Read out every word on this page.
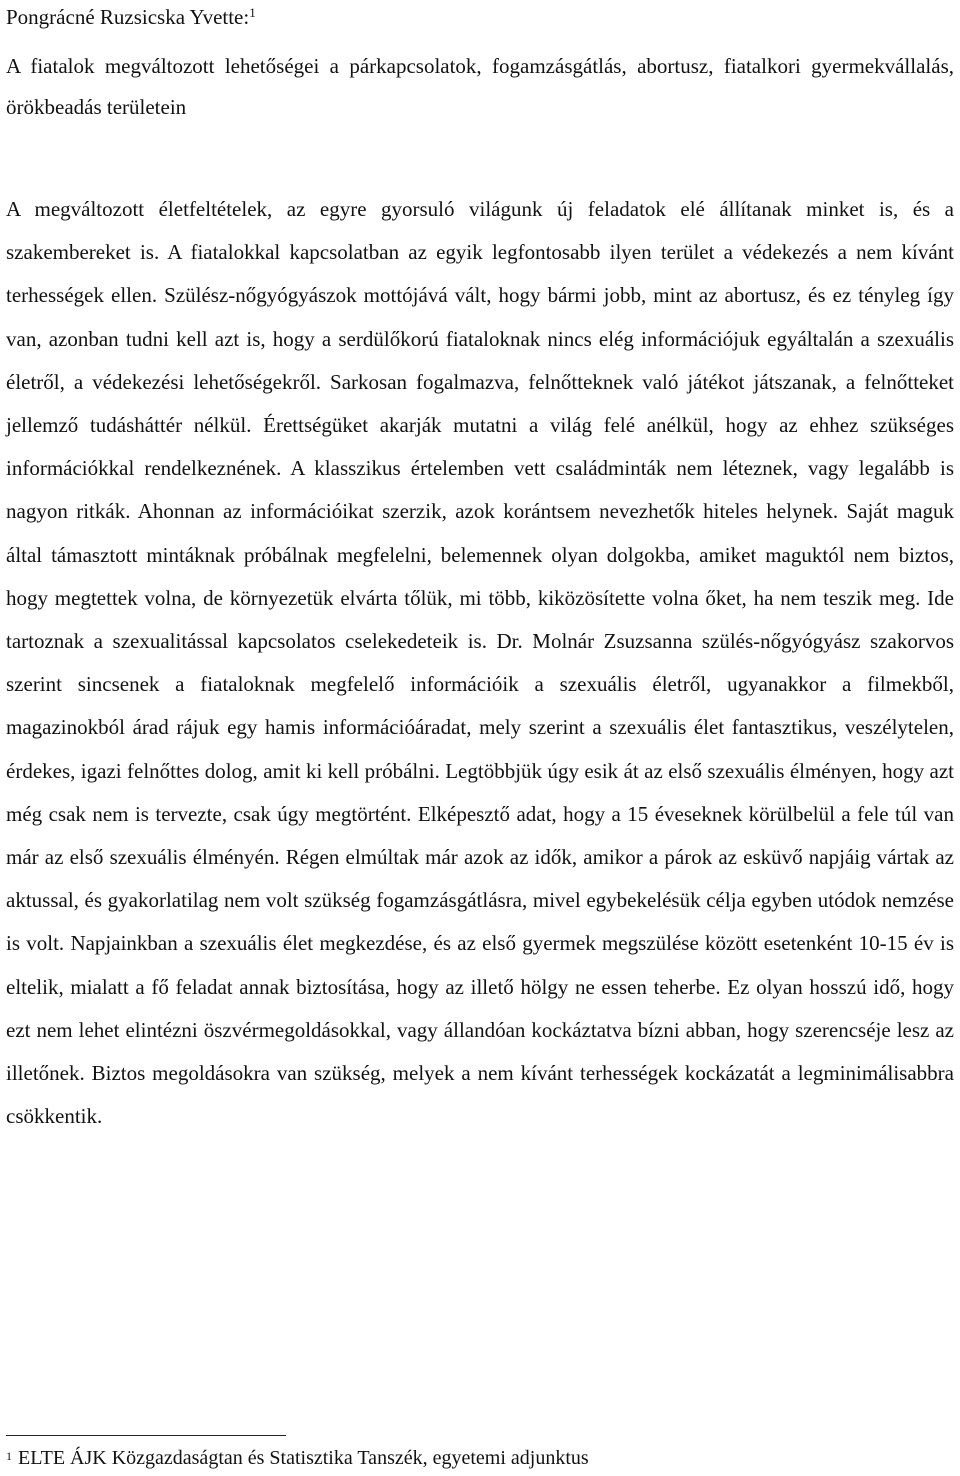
Pongrácné Ruzsicska Yvette:$^1$

A fiatalok megváltozott lehetőségei a párkapcsolatok, fogamzásgátlás, abortusz, fiatalkori gyermekvállalás, örökbeadás területein

A megváltozott életfeltételek, az egyre gyorsuló világunk új feladatok elé állítanak minket is, és a szakembereket is. A fiatalokkal kapcsolatban az egyik legfontosabb ilyen terület a védekezés a nem kívánt terhességek ellen. Szülész-nőgyógyászok mottójává vált, hogy bármi jobb, mint az abortusz, és ez tényleg így van, azonban tudni kell azt is, hogy a serdülőkorú fiataloknak nincs elég információjuk egyáltalán a szexuális életről, a védekezési lehetőségekről. Sarkosan fogalmazva, felnőtteknek való játékot játszanak, a felnőtteket jellemző tudásháttér nélkül. Érettségüket akarják mutatni a világ felé anélkül, hogy az ehhez szükséges információkkal rendelkeznének. A klasszikus értelemben vett családminták nem léteznek, vagy legalább is nagyon ritkák. Ahonnan az információikat szerzik, azok korántsem nevezhetők hiteles helynek. Saját maguk által támasztott mintáknak próbálnak megfelelni, belemennek olyan dolgokba, amiket maguktól nem biztos, hogy megtettek volna, de környezetük elvárta tőlük, mi több, kiközösítette volna őket, ha nem teszik meg. Ide tartoznak a szexualitással kapcsolatos cselekedeteik is. Dr. Molnár Zsuzsanna szülés-nőgyógyász szakorvos szerint sincsenek a fiataloknak megfelelő információik a szexuális életről, ugyanakkor a filmekből, magazinokból árad rájuk egy hamis információáradat, mely szerint a szexuális élet fantasztikus, veszélytelen, érdekes, igazi felnőttes dolog, amit ki kell próbálni. Legtöbbjük úgy esik át az első szexuális élményen, hogy azt még csak nem is tervezte, csak úgy megtörtént. Elképesztő adat, hogy a 15 éveseknek körülbelül a fele túl van már az első szexuális élményén. Régen elmúltak már azok az idők, amikor a párok az esküvő napjáig vártak az aktussal, és gyakorlatilag nem volt szükség fogamzásgátlásra, mivel egybekelésük célja egyben utódok nemzése is volt. Napjainkban a szexuális élet megkezdése, és az első gyermek megszülése között esetenként 10-15 év is eltelik, mialatt a fő feladat annak biztosítása, hogy az illető hölgy ne essen teherbe. Ez olyan hosszú idő, hogy ezt nem lehet elintézni öszvérmegoldásokkal, vagy állandóan kockáztatva bízni abban, hogy szerencséje lesz az illetőnek. Biztos megoldásokra van szükség, melyek a nem kívánt terhességek kockázatát a legminimálisabbra csökkentik.

$^1$ ELTE ÁJK Közgazdaságtan és Statisztika Tanszék, egyetemi adjunktus
